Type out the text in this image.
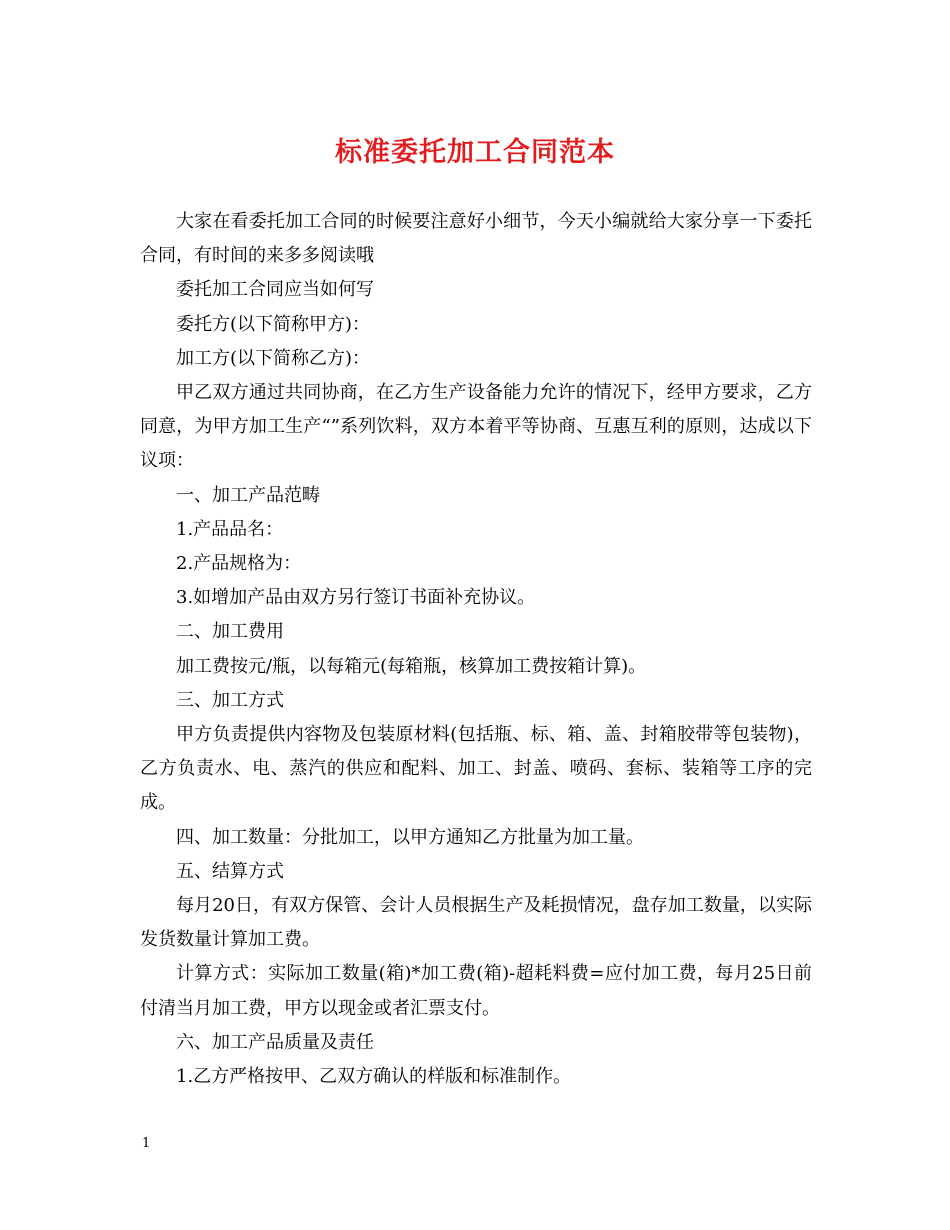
标准委托加工合同范本

大家在看委托加工合同的时候要注意好小细节，今天小编就给大家分享一下委托合同，有时间的来多多阅读哦

委托加工合同应当如何写

委托方(以下简称甲方)：

加工方(以下简称乙方)：

甲乙双方通过共同协商，在乙方生产设备能力允许的情况下，经甲方要求，乙方同意，为甲方加工生产“”系列饮料，双方本着平等协商、互惠互利的原则，达成以下议项：

一、加工产品范畴

1.产品品名：

2.产品规格为：

3.如增加产品由双方另行签订书面补充协议。

二、加工费用

加工费按元/瓶，以每箱元(每箱瓶，核算加工费按箱计算)。

三、加工方式

甲方负责提供内容物及包装原材料(包括瓶、标、箱、盖、封箱胶带等包装物)，乙方负责水、电、蒸汽的供应和配料、加工、封盖、喷码、套标、装箱等工序的完成。

四、加工数量：分批加工，以甲方通知乙方批量为加工量。

五、结算方式

每月20日，有双方保管、会计人员根据生产及耗损情况，盘存加工数量，以实际发货数量计算加工费。

计算方式：实际加工数量(箱)*加工费(箱)-超耗料费=应付加工费，每月25日前付清当月加工费，甲方以现金或者汇票支付。

六、加工产品质量及责任

1.乙方严格按甲、乙双方确认的样版和标准制作。

1
